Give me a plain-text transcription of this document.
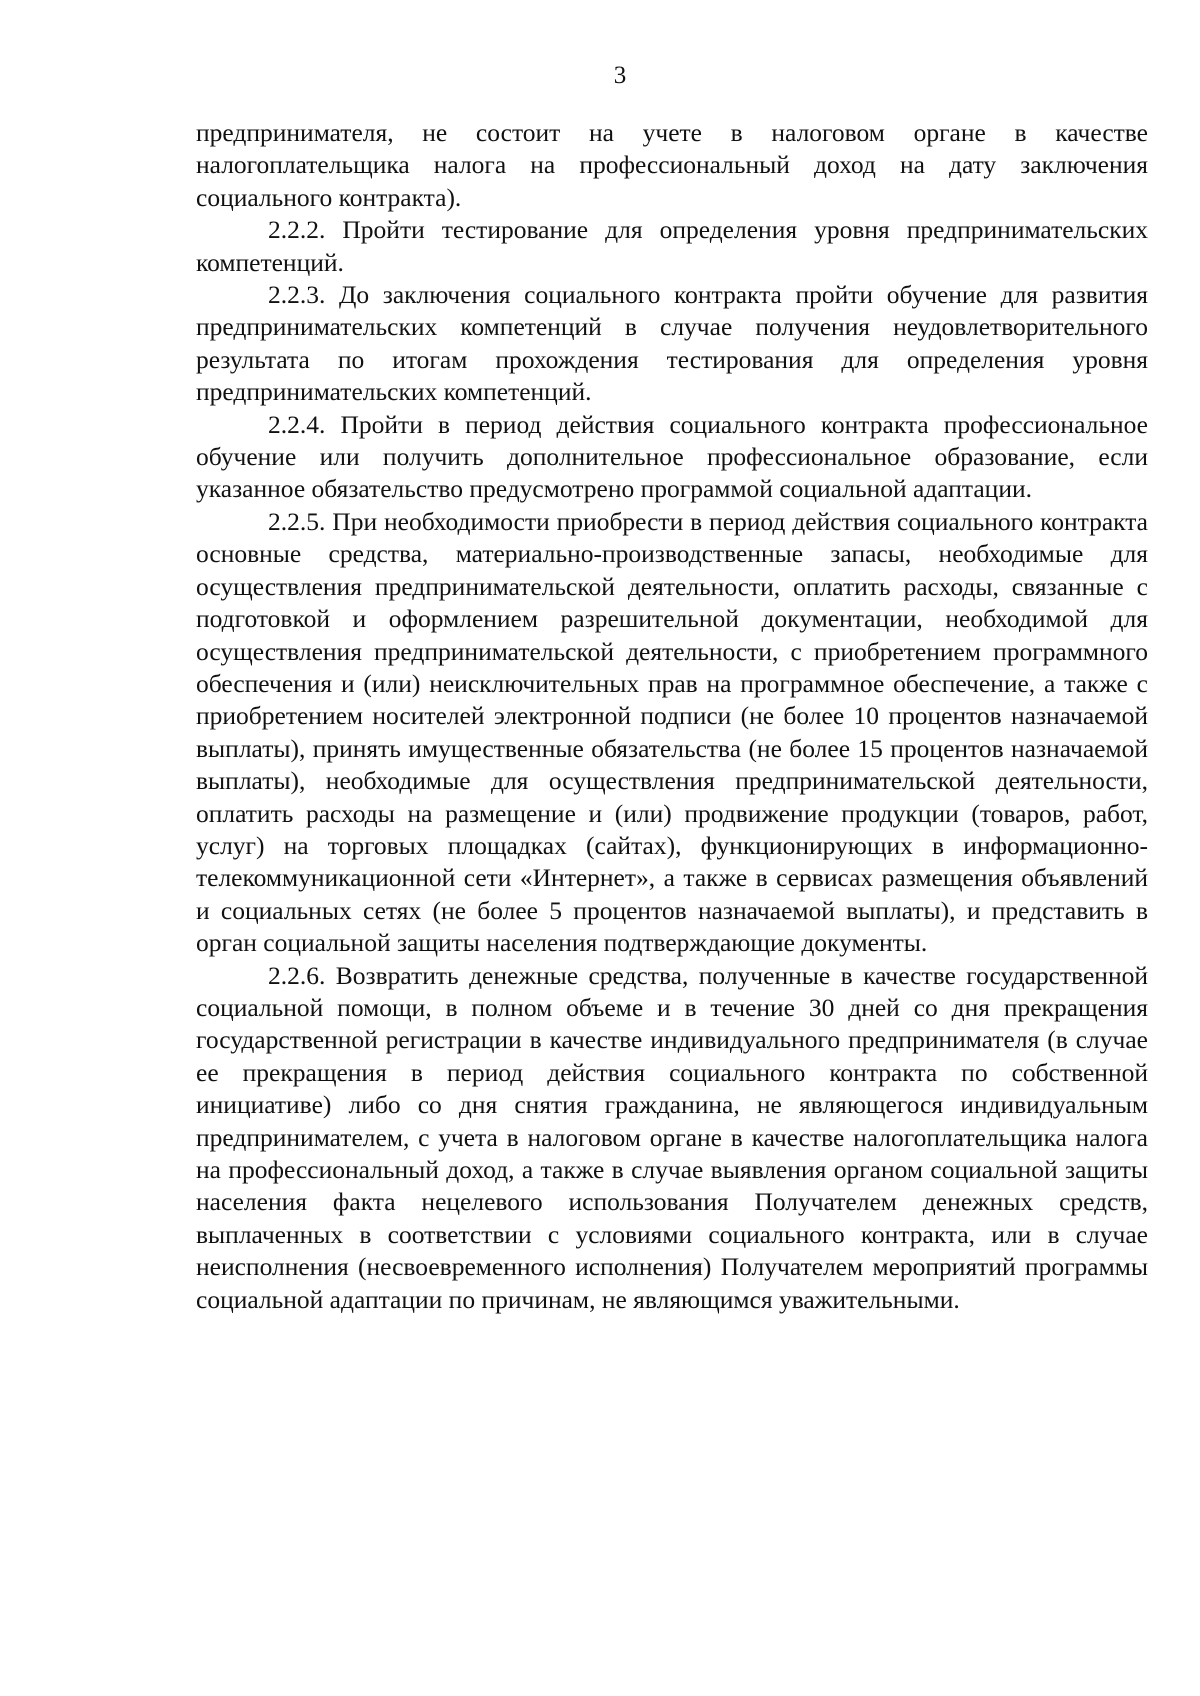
3

предпринимателя, не состоит на учете в налоговом органе в качестве налогоплательщика налога на профессиональный доход на дату заключения социального контракта).

2.2.2. Пройти тестирование для определения уровня предпринимательских компетенций.

2.2.3. До заключения социального контракта пройти обучение для развития предпринимательских компетенций в случае получения неудовлетворительного результата по итогам прохождения тестирования для определения уровня предпринимательских компетенций.

2.2.4. Пройти в период действия социального контракта профессиональное обучение или получить дополнительное профессиональное образование, если указанное обязательство предусмотрено программой социальной адаптации.

2.2.5. При необходимости приобрести в период действия социального контракта основные средства, материально-производственные запасы, необходимые для осуществления предпринимательской деятельности, оплатить расходы, связанные с подготовкой и оформлением разрешительной документации, необходимой для осуществления предпринимательской деятельности, с приобретением программного обеспечения и (или) неисключительных прав на программное обеспечение, а также с приобретением носителей электронной подписи (не более 10 процентов назначаемой выплаты), принять имущественные обязательства (не более 15 процентов назначаемой выплаты), необходимые для осуществления предпринимательской деятельности, оплатить расходы на размещение и (или) продвижение продукции (товаров, работ, услуг) на торговых площадках (сайтах), функционирующих в информационно-телекоммуникационной сети «Интернет», а также в сервисах размещения объявлений и социальных сетях (не более 5 процентов назначаемой выплаты), и представить в орган социальной защиты населения подтверждающие документы.

2.2.6. Возвратить денежные средства, полученные в качестве государственной социальной помощи, в полном объеме и в течение 30 дней со дня прекращения государственной регистрации в качестве индивидуального предпринимателя (в случае ее прекращения в период действия социального контракта по собственной инициативе) либо со дня снятия гражданина, не являющегося индивидуальным предпринимателем, с учета в налоговом органе в качестве налогоплательщика налога на профессиональный доход, а также в случае выявления органом социальной защиты населения факта нецелевого использования Получателем денежных средств, выплаченных в соответствии с условиями социального контракта, или в случае неисполнения (несвоевременного исполнения) Получателем мероприятий программы социальной адаптации по причинам, не являющимся уважительными.
